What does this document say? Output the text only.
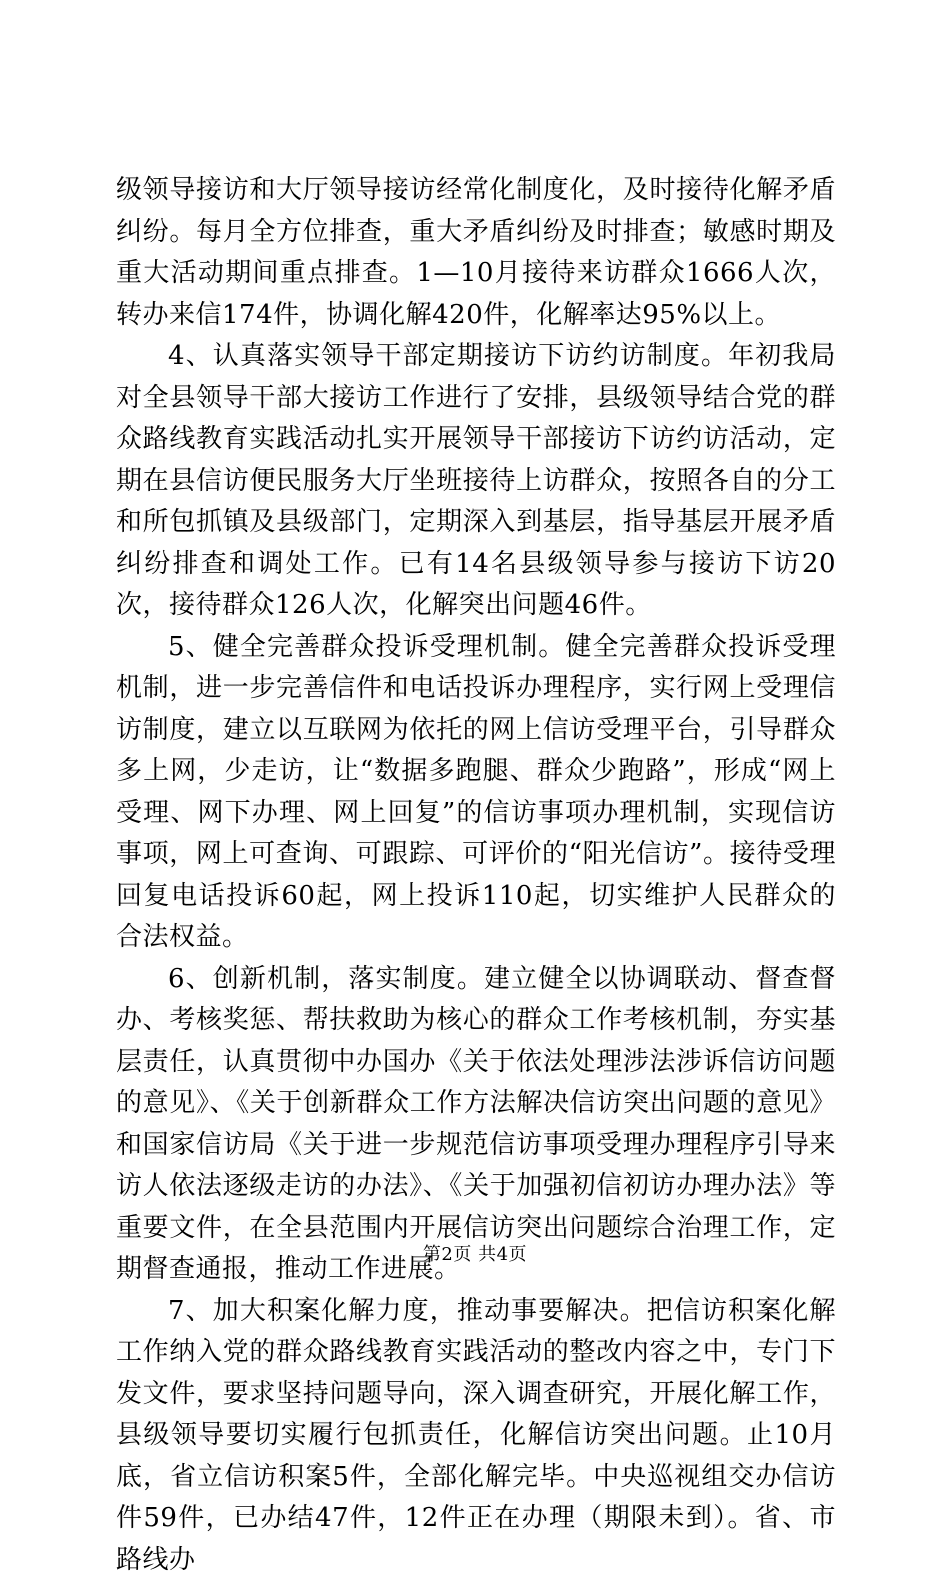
级领导接访和大厅领导接访经常化制度化，及时接待化解矛盾纠纷。每月全方位排查，重大矛盾纠纷及时排查；敏感时期及重大活动期间重点排查。1—10月接待来访群众1666人次，转办来信174件，协调化解420件，化解率达95%以上。

4、认真落实领导干部定期接访下访约访制度。年初我局对全县领导干部大接访工作进行了安排，县级领导结合党的群众路线教育实践活动扎实开展领导干部接访下访约访活动，定期在县信访便民服务大厅坐班接待上访群众，按照各自的分工和所包抓镇及县级部门，定期深入到基层，指导基层开展矛盾纠纷排查和调处工作。已有14名县级领导参与接访下访20次，接待群众126人次，化解突出问题46件。

5、健全完善群众投诉受理机制。健全完善群众投诉受理机制，进一步完善信件和电话投诉办理程序，实行网上受理信访制度，建立以互联网为依托的网上信访受理平台，引导群众多上网，少走访，让“数据多跑腿、群众少跑路”，形成“网上受理、网下办理、网上回复”的信访事项办理机制，实现信访事项，网上可查询、可跟踪、可评价的“阳光信访”。接待受理回复电话投诉60起，网上投诉110起，切实维护人民群众的合法权益。

6、创新机制，落实制度。建立健全以协调联动、督查督办、考核奖惩、帮扶救助为核心的群众工作考核机制，夯实基层责任，认真贯彻中办国办《关于依法处理涉法涉诉信访问题的意见》、《关于创新群众工作方法解决信访突出问题的意见》和国家信访局《关于进一步规范信访事项受理办理程序引导来访人依法逐级走访的办法》、《关于加强初信初访办理办法》等重要文件，在全县范围内开展信访突出问题综合治理工作，定期督查通报，推动工作进展。

7、加大积案化解力度，推动事要解决。把信访积案化解工作纳入党的群众路线教育实践活动的整改内容之中，专门下发文件，要求坚持问题导向，深入调查研究，开展化解工作，县级领导要切实履行包抓责任，化解信访突出问题。止10月底，省立信访积案5件，全部化解完毕。中央巡视组交办信访件59件，已办结47件，12件正在办理（期限未到）。省、市路线办

第2页 共4页
